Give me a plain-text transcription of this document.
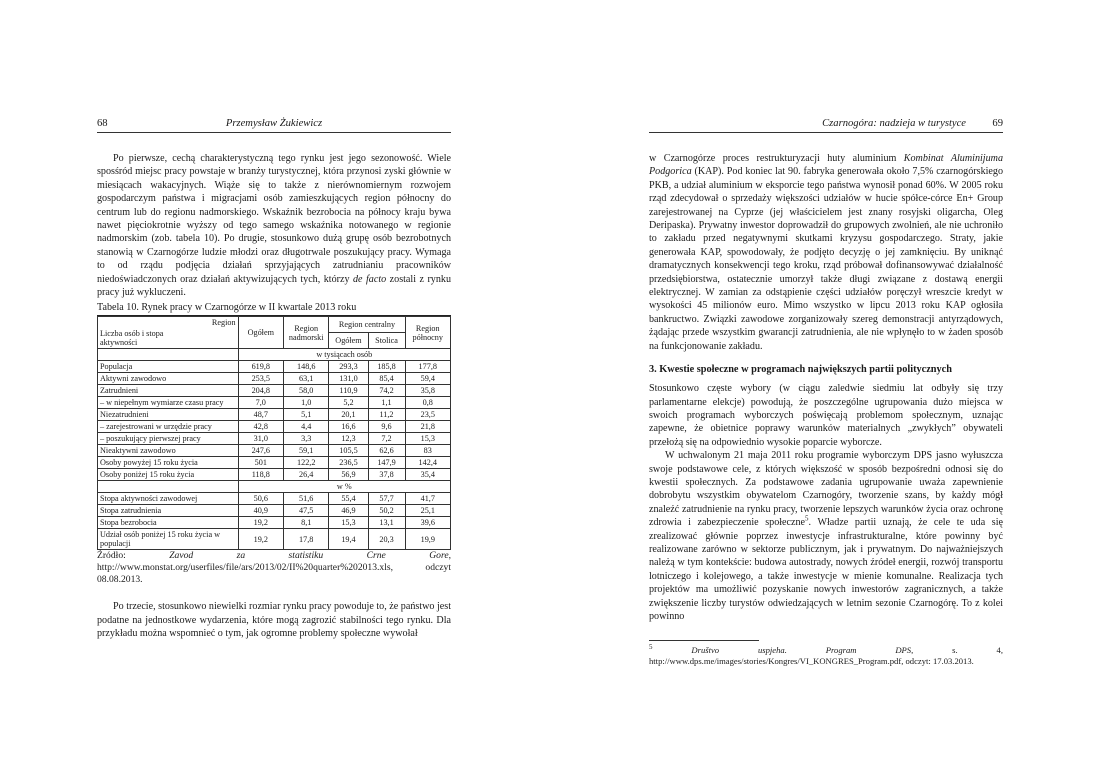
68	Przemysław Żukiewicz

Po pierwsze, cechą charakterystyczną tego rynku jest jego sezonowość. Wiele sposśród miejsc pracy powstaje w branży turystycznej, która przynosi zyski głównie w miesiącach wakacyjnych. Wiąże się to także z nierównomiernym rozwojem gospodarczym państwa i migracjami osób zamieszkujących region północny do centrum lub do regionu nadmorskiego. Wskaźnik bezrobocia na północy kraju bywa nawet pięciokrotnie wyższy od tego samego wskaźnika notowanego w regionie nadmorskim (zob. tabela 10). Po drugie, stosunkowo dużą grupę osób bezrobotnych stanowią w Czarnogórze ludzie młodzi oraz długotrwale poszukujący pracy. Wymaga to od rządu podjęcia działań sprzyjających zatrudnianiu pracowników niedoświadczonych oraz działań aktywizujących tych, którzy de facto zostali z rynku pracy już wykluczeni.

Tabela 10. Rynek pracy w Czarnogórze w II kwartale 2013 roku
Region
Liczba osób i stopa aktywności	Ogółem	Region nadmorski	Region centralny		Region północny
			Ogółem	Stolica	
	w tysiącach osób				
Populacja	619,8	148,6	293,3	185,8	177,8
Aktywni zawodowo	253,5	63,1	131,0	85,4	59,4
Zatrudnieni	204,8	58,0	110,9	74,2	35,8
– w niepełnym wymiarze czasu pracy	7,0	1,0	5,2	1,1	0,8
Niezatrudnieni	48,7	5,1	20,1	11,2	23,5
– zarejestrowani w urzędzie pracy	42,8	4,4	16,6	9,6	21,8
– poszukujący pierwszej pracy	31,0	3,3	12,3	7,2	15,3
Nieaktywni zawodowo	247,6	59,1	105,5	62,6	83
Osoby powyżej 15 roku życia	501	122,2	236,5	147,9	142,4
Osoby poniżej 15 roku życia	118,8	26,4	56,9	37,8	35,4
	w %				
Stopa aktywności zawodowej	50,6	51,6	55,4	57,7	41,7
Stopa zatrudnienia	40,9	47,5	46,9	50,2	25,1
Stopa bezrobocia	19,2	8,1	15,3	13,1	39,6
Udział osób poniżej 15 roku życia w populacji	19,2	17,8	19,4	20,3	19,9
Źródło:	Zavod za statistiku Crne Gore, http://www.monstat.org/userfiles/file/ars/2013/02/II%20quarter%202013.xls, odczyt 08.08.2013.

Po trzecie, stosunkowo niewielki rozmiar rynku pracy powoduje to, że państwo jest podatne na jednostkowe wydarzenia, które mogą zagrozić stabilności tego rynku. Dla przykładu można wspomnieć o tym, jak ogromne problemy społeczne wywołał

Czarnogóra: nadzieja w turystyce	69

w Czarnogórze proces restrukturyzacji huty aluminium Kombinat Aluminijuma Podgorica (KAP). Pod koniec lat 90. fabryka generowała około 7,5% czarnogórskiego PKB, a udział aluminium w eksporcie tego państwa wynosił ponad 60%. W 2005 roku rząd zdecydował o sprzedaży większości udziałów w hucie spółce-córce En+ Group zarejestrowanej na Cyprze (jej właścicielem jest znany rosyjski oligarcha, Oleg Deripaska). Prywatny inwestor doprowadził do grupowych zwolnień, ale nie uchroniło to zakładu przed negatywnymi skutkami kryzysu gospodarczego. Straty, jakie generowała KAP, spowodowały, że podjęto decyzję o jej zamknięciu. By uniknąć dramatycznych konsekwencji tego kroku, rząd próbował dofinansowywać działalność przedsiębiorstwa, ostatecznie umorzył także długi związane z dostawą energii elektrycznej. W zamian za odstąpienie części udziałów poręczył wreszcie kredyt w wysokości 45 milionów euro. Mimo wszystko w lipcu 2013 roku KAP ogłosiła bankructwo. Związki zawodowe zorganizowały szereg demonstracji antyrządowych, żądając przede wszystkim gwarancji zatrudnienia, ale nie wpłynęło to w żaden sposób na funkcjonowanie zakładu.

3. Kwestie społeczne w programach największych partii politycznych

Stosunkowo częste wybory (w ciągu zaledwie siedmiu lat odbyły się trzy parlamentarne elekcje) powodują, że poszczególne ugrupowania dużo miejsca w swoich programach wyborczych poświęcają problemom społecznym, uznając zapewne, że obietnice poprawy warunków materialnych „zwykłych” obywateli przełożą się na odpowiednio wysokie poparcie wyborcze.

W uchwalonym 21 maja 2011 roku programie wyborczym DPS jasno wyłuszcza swoje podstawowe cele, z których większość w sposób bezpośredni odnosi się do kwestii społecznych. Za podstawowe zadania ugrupowanie uważa zapewnienie dobrobytu wszystkim obywatelom Czarnogóry, tworzenie szans, by każdy mógł znaleźć zatrudnienie na rynku pracy, tworzenie lepszych warunków życia oraz ochronę zdrowia i zabezpieczenie społeczne$^5$. Władze partii uznają, że cele te uda się zrealizować głównie poprzez inwestycje infrastrukturalne, które powinny być realizowane zarówno w sektorze publicznym, jak i prywatnym. Do najważniejszych należą w tym kontekście: budowa autostrady, nowych źródeł energii, rozwój transportu lotniczego i kolejowego, a także inwestycje w mienie komunalne. Realizacja tych projektów ma umożliwić pozyskanie nowych inwestorów zagranicznych, a także zwiększenie liczby turystów odwiedzających w letnim sezonie Czarnogórę. To z kolei powinno

$^5$	Društvo uspjeha. Program DPS, s. 4, http://www.dps.me/images/stories/Kongres/VI_KONGRES_Program.pdf, odczyt: 17.03.2013.
